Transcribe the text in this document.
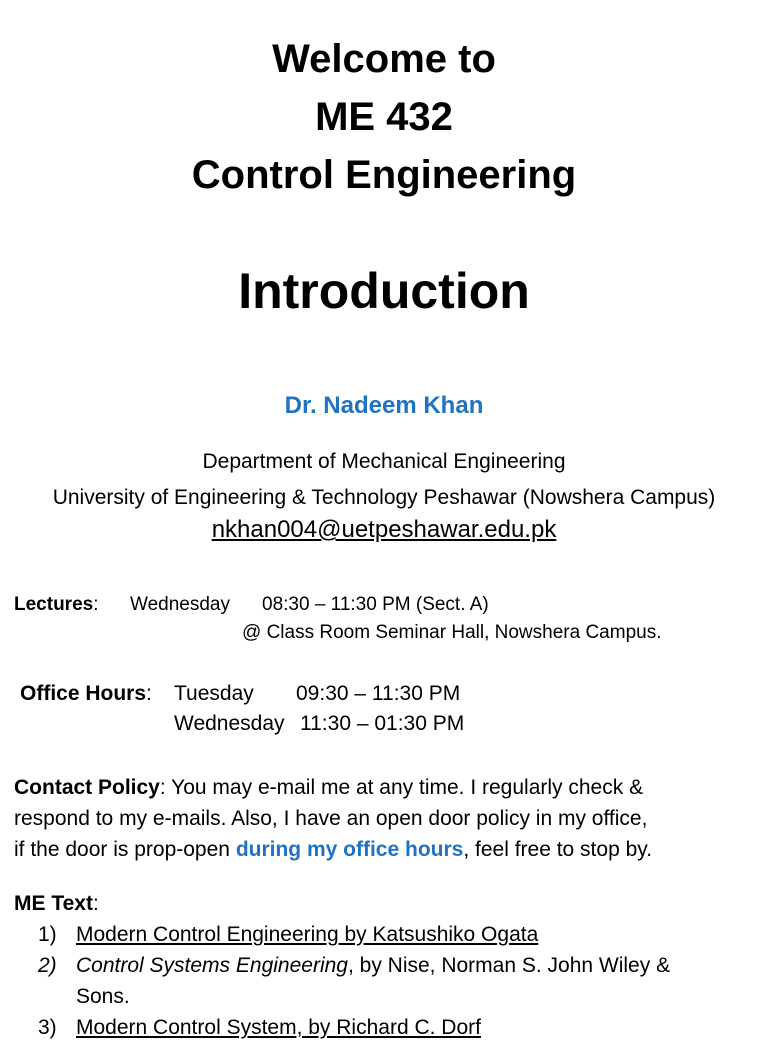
Welcome to
ME 432
Control Engineering
Introduction
Dr. Nadeem Khan
Department of Mechanical Engineering
University of Engineering & Technology Peshawar (Nowshera Campus)
nkhan004@uetpeshawar.edu.pk
Lectures: Wednesday 08:30 – 11:30 PM (Sect. A)
@ Class Room Seminar Hall, Nowshera Campus.
Office Hours: Tuesday 09:30 – 11:30 PM
Wednesday 11:30 – 01:30 PM
Contact Policy: You may e-mail me at any time. I regularly check &
respond to my e-mails. Also, I have an open door policy in my office,
if the door is prop-open during my office hours, feel free to stop by.
ME Text:
1) Modern Control Engineering by Katsushiko Ogata
2) Control Systems Engineering, by Nise, Norman S. John Wiley &
Sons.
3) Modern Control System, by Richard C. Dorf
